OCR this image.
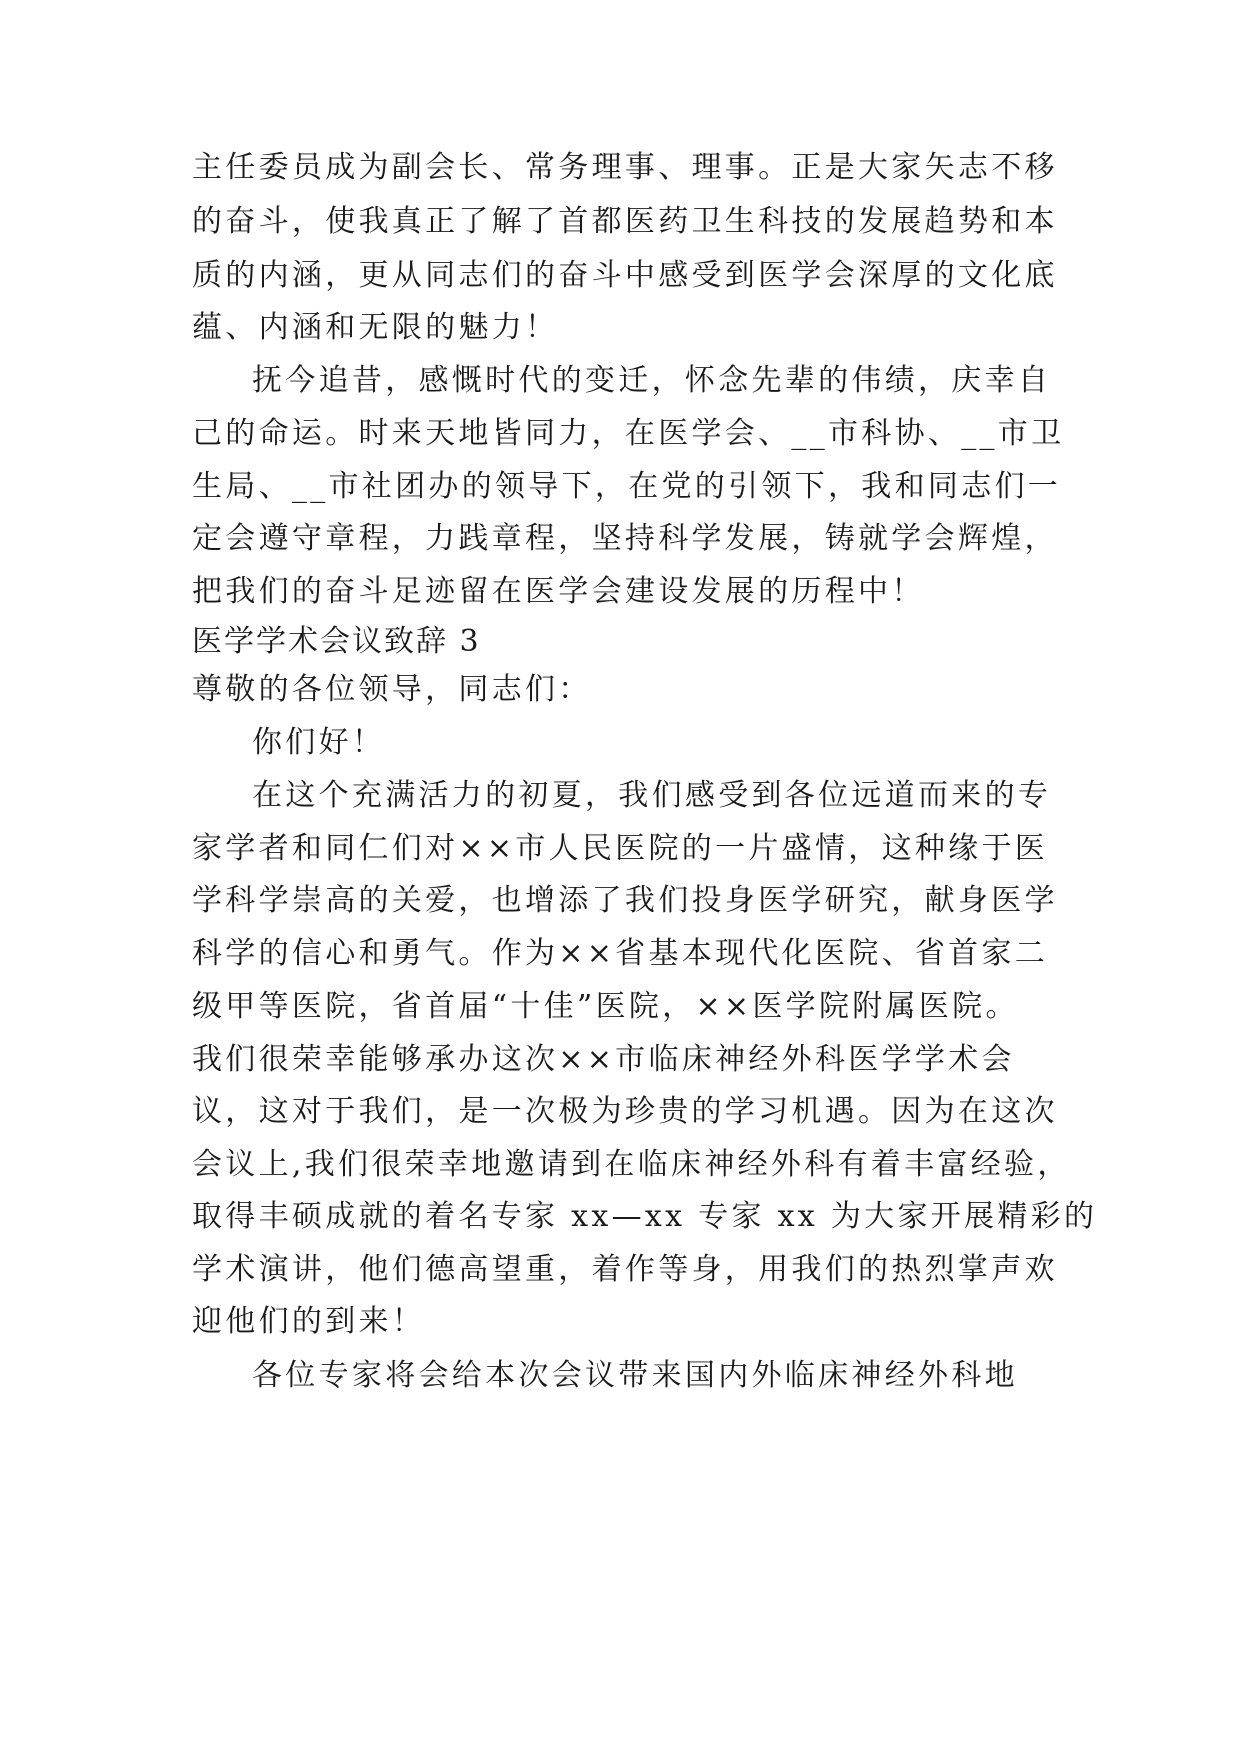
主任委员成为副会长、常务理事、理事。正是大家矢志不移
的奋斗，使我真正了解了首都医药卫生科技的发展趋势和本
质的内涵，更从同志们的奋斗中感受到医学会深厚的文化底
蕴、内涵和无限的魅力！
抚今追昔，感慨时代的变迁，怀念先辈的伟绩，庆幸自
己的命运。时来天地皆同力，在医学会、__市科协、__市卫
生局、__市社团办的领导下，在党的引领下，我和同志们一
定会遵守章程，力践章程，坚持科学发展，铸就学会辉煌，
把我们的奋斗足迹留在医学会建设发展的历程中！
医学学术会议致辞 3
尊敬的各位领导，同志们：
你们好！
在这个充满活力的初夏，我们感受到各位远道而来的专
家学者和同仁们对××市人民医院的一片盛情，这种缘于医
学科学崇高的关爱，也增添了我们投身医学研究，献身医学
科学的信心和勇气。作为××省基本现代化医院、省首家二
级甲等医院，省首届“十佳”医院，××医学院附属医院。
我们很荣幸能够承办这次××市临床神经外科医学学术会
议，这对于我们，是一次极为珍贵的学习机遇。因为在这次
会议上,我们很荣幸地邀请到在临床神经外科有着丰富经验，
取得丰硕成就的着名专家 xx—xx 专家 xx 为大家开展精彩的
学术演讲，他们德高望重，着作等身，用我们的热烈掌声欢
迎他们的到来！
各位专家将会给本次会议带来国内外临床神经外科地
